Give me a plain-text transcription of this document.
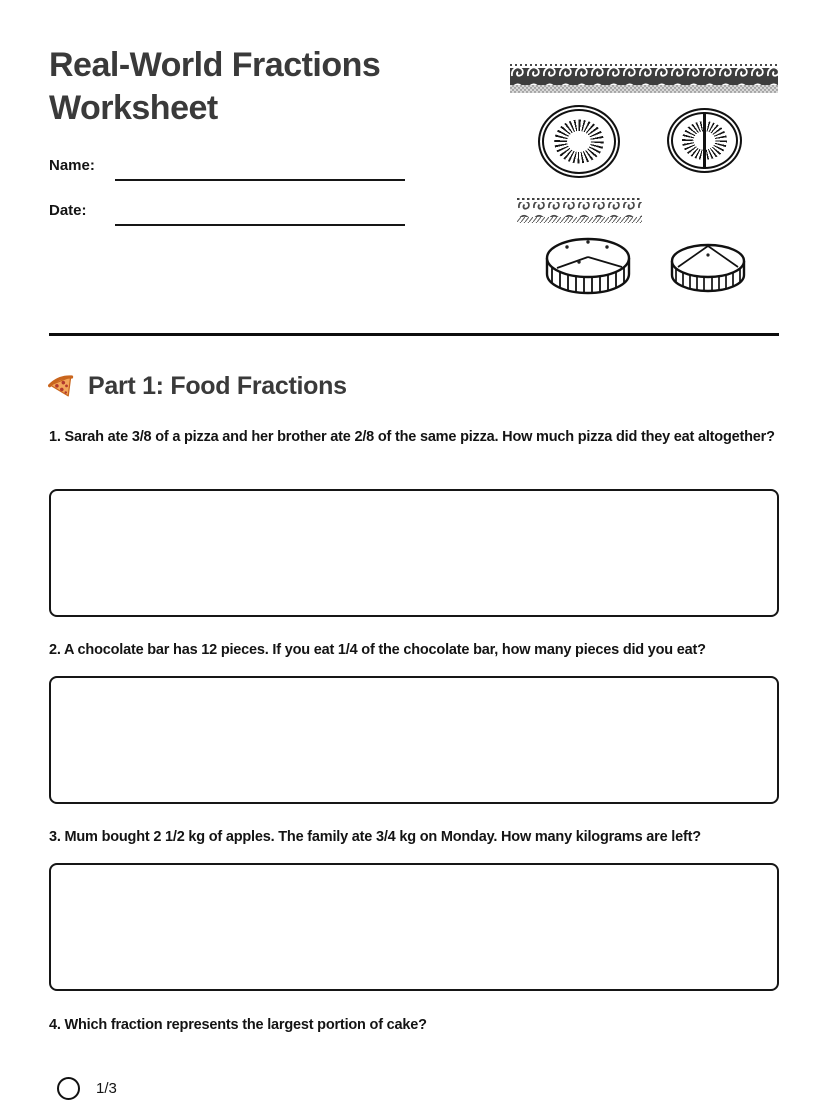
Real-World Fractions Worksheet
Name:
Date:
Part 1: Food Fractions

1. Sarah ate 3/8 of a pizza and her brother ate 2/8 of the same pizza. How much pizza did they eat altogether?

2. A chocolate bar has 12 pieces. If you eat 1/4 of the chocolate bar, how many pieces did you eat?

3. Mum bought 2 1/2 kg of apples. The family ate 3/4 kg on Monday. How many kilograms are left?

4. Which fraction represents the largest portion of cake?

1/3
